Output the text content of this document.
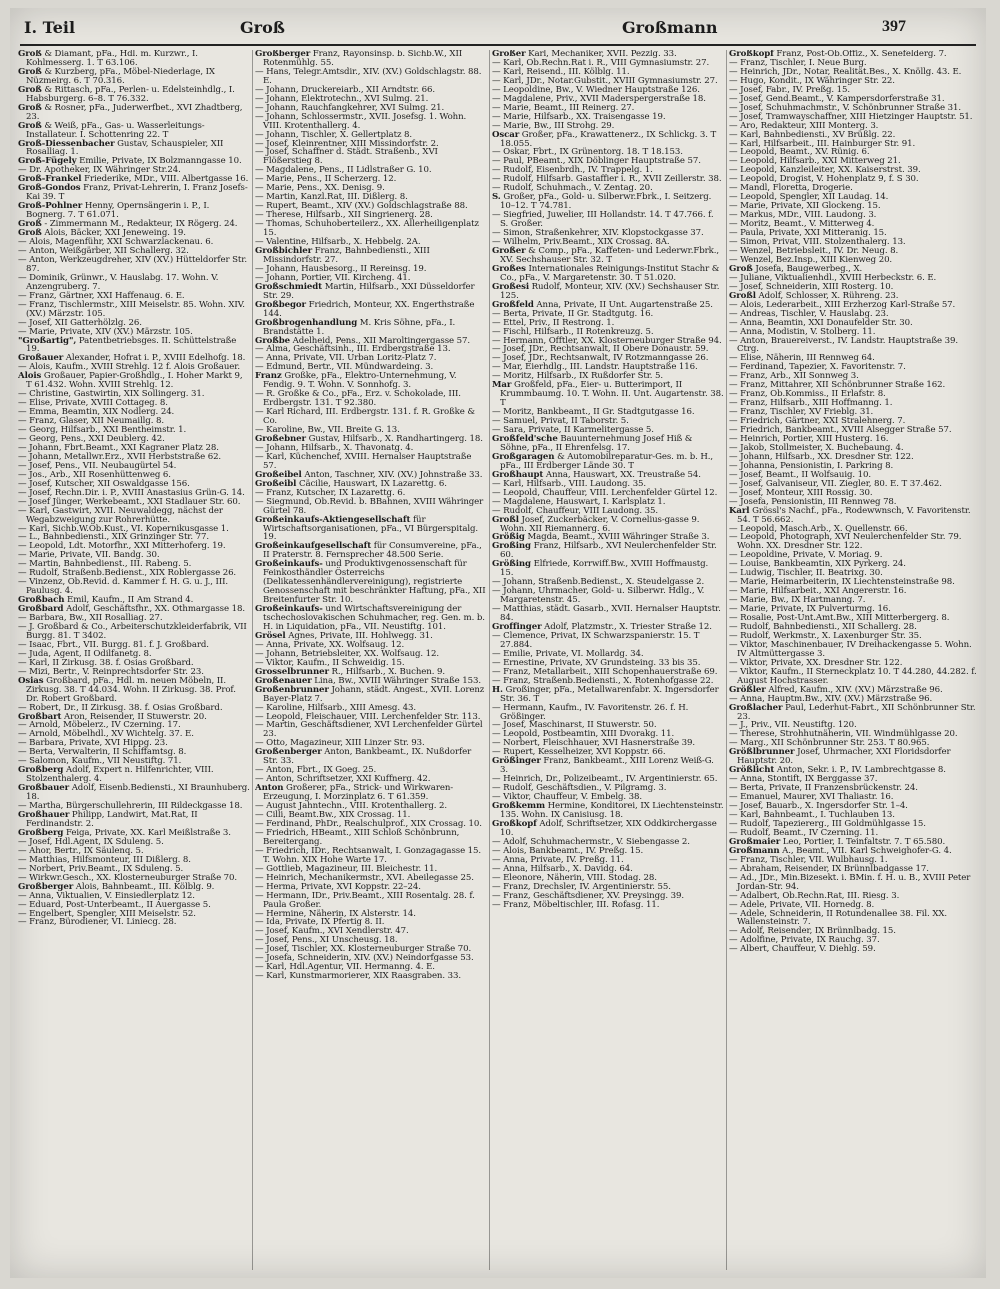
I. Teil	Groß	Großmann	397

Groß & Diamant, pFa., Hdl. m. Kurzwr., I. Kohlmesserg. 1. T 63.106.

Groß & Kurzberg, pFa., Möbel-Niederlage, IX Nüzmeirg. 6. T 70.316.

Groß & Rittasch, pFa., Perlen- u. Edelsteinhdlg., I. Habsburgerg. 6–8. T 76.332.

Groß & Rosner, pFa., Juderwerfbet., XVI Zhadtberg, 23.

Groß & Weiß, pFa., Gas- u. Wasserleitungs-Installateur. I. Schottenring 22. T

Groß-Diessenbacher Gustav, Schauspieler, XII Rosalliag. 1.

Groß-Fügely Emilie, Private, IX Bolzmanngasse 10.

— Dr. Apotheker, IX Währinger Str.24.

Groß-Frankel Friederike, MDr., VIII. Albertgasse 16.

Groß-Gondos Franz, Privat-Lehrerin, I. Franz Josefs-Kai 39. T

Groß-Pohlner Henny, Opernsängerin i. P., I. Bognerg. 7. T 61.071.

Groß - Zimmermann M., Redakteur, IX Rögerg. 24.

Groß Alois, Bäcker, XXI Jeneweing. 19.

— Alois, Magenführ, XXI Schwarzlackenau. 6.

— Anton, Weißgärber, XII Schallerg. 32.

— Anton, Werkzeugdreher, XIV (XV.) Hütteldorfer Str. 87.

— Dominik, Grünwr., V. Hauslabg. 17. Wohn. V. Anzengruberg. 7.

— Franz, Gärtner, XXI Haffenaug. 6. E.

— Franz, Tischlermstr., XIII Meiselstr. 85. Wohn. XIV. (XV.) Märzstr. 105.

— Josef, XII Gatterhölzlg. 26.

— Marie, Private, XIV (XV.) Märzstr. 105.

"Großartig", Patentbetriebsges. II. Schüttelstraße 19.

Großauer Alexander, Hofrat i. P., XVIII Edelhofg. 18.

— Alois, Kaufm., XVIII Strehlg. 12 f. Alois Großauer.

Alois Großauer, Papier-Großhdlg., I. Hoher Markt 9, T 61.432. Wohn. XVIII Strehlg. 12.

— Christine, Gastwirtin, XIX Sollingerg. 31.

— Elise, Private, XVIII Cottageg. 8.

— Emma, Beamtin, XIX Nodlerg. 24.

— Franz, Glaser, XII Neumaillg. 8.

— Georg, Hilfsarb., XXI Bentheimstr. 1.

— Georg, Pens., XXI Deublerg. 42.

— Johann, Fbrt.Beamt., XXI Kagraner Platz 28.

— Johann, Metallwr.Erz., XVII Herbststraße 62.

— Josef, Pens., VII. Neubaugürtel 54.

— Jos., Arb., XII Rosenhüttenweg 6.

— Josef, Kutscher, XII Oswaldgasse 156.

— Josef, Rechn.Dir. i. P., XVIII Anastasius Grün-G. 14.

— Josef Jünger, Werkebeamt., XXI Stadlauer Str. 60.

— Karl, Gastwirt, XVII. Neuwaldegg, nächst der Wegabzweigung zur Rohrerhütte.

— Karl, Sichb.W.Ob.Kust., VI. Kopernikusgasse 1.

— L., Bahnbediensti., XIX Grinzinger Str. 77.

— Leopold, Ldt. Motorfhr., XXI Mitterhoferg. 19.

— Marie, Private, VII. Bandg. 30.

— Martin, Bahnbedienst., III. Rabeng. 5.

— Rudolf, Straßenb.Bedienst., XIX Roblergasse 26.

— Vinzenz, Ob.Revid. d. Kammer f. H. G. u. J., III. Paulusg. 4.

Großbach Emil, Kaufm., II Am Strand 4.

Großbard Adolf, Geschäftsfhr., XX. Othmargasse 18.

— Barbara, Bw., XII Rosalliag. 27.

— J. Großbard & Co., Arbeiterschutzkleiderfabrik, VII Burgg. 81. T 3402.

— Isaac, Fbrt., VII. Burgg. 81. f. J. Großbard.

— Juda, Agent, II Odilfanetg. 8.

— Karl, II Zirkusg. 38. f. Osias Großbard.

— Mizi, Bertr., V. Reinprechtsdorfer Str. 23.

Osias Großbard, pFa., Hdl. m. neuen Möbeln, II. Zirkusg. 38. T 44.034. Wohn. II Zirkusg. 38. Prof. Dr. Robert Großbard.

— Robert, Dr., II Zirkusg. 38. f. Osias Großbard.

Großbart Aron, Reisender, II Stuwerstr. 20.

— Arnold, Möbelerz., IV Czerning. 17.

— Arnold, Möbelhdl., XV Wichtelg. 37. E.

— Barbara, Private, XVI Hippg. 23.

— Berta, Verwalterin, II Schiffamtsg. 8.

— Salomon, Kaufm., VII Neustiftg. 71.

Großberg Adolf, Expert n. Hilfenrichter, VIII. Stolzenthalerg. 4.

Großbauer Adolf, Eisenb.Bediensti., XI Braunhuberg. 18.

— Martha, Bürgerschullehrerin, III Rildeckgasse 18.

Großhauer Philipp, Landwirt, Mat.Rat, II Ferdinandstr. 2.

Großberg Feiga, Private, XX. Karl Meißlstraße 3.

— Josef, Hdl.Agent, IX Sduleng. 5.

— Ahor, Bertr., IX Säulenq. 5.

— Matthias, Hilfsmonteur, III Dißlerg. 8.

— Norbert, Priv.Beamt., IX Sduleng. 5.

— Wirkwr.Gesch., XX. Klosterneuburger Straße 70.

Großberger Alois, Bahnbeamt., III. Kölblg. 9.

— Anna, Viktualien, V. Einsiedlerplatz 12.

— Eduard, Post-Unterbeamt., II Auergasse 5.

— Engelbert, Spengler, XIII Meiselstr. 52.

— Franz, Bürodiener, VI. Liniecg. 28.

Großberger Franz, Rayonsinsp. b. Sichb.W., XII Rotenmühlg. 55.

— Hans, Telegr.Amtsdir., XIV. (XV.) Goldschlagstr. 88. E.

— Johann, Druckereiarb., XII Arndtstr. 66.

— Johann, Elektrotechn., XVI Sulmg. 21.

— Johann, Rauchfangkehrer, XVI Sulmg. 21.

— Johann, Schlossermstr., XVII. Josefsg. 1. Wohn. VIII. Krotenthallerg. 4.

— Johann, Tischler, X. Gellertplatz 8.

— Josef, Kleinrentner, XIII Missindorfstr. 2.

— Josef, Schaffner d. Städt. Straßenb., XVI Flößerstieg 8.

— Magdalene, Pens., II Lidlstraßer G. 10.

— Marie, Pens., II Scherzerg. 12.

— Marie, Pens., XX. Denisg. 9.

— Martin, Kanzl.Rat, III. Dißlerg. 8.

— Rupert, Beamt., XIV (XV.) Goldschlagstraße 88.

— Therese, Hilfsarb., XII Singrienerg. 28.

— Thomas, Schuhoberteilerz., XX. Allerheiligenplatz 15.

— Valentine, Hilfsarb., X. Hebbelg. 2A.

Großbichler Franz, Bahnbediensti., XIII Missindorfstr. 27.

— Johann, Hausbesorg., II Rereinsg. 19.

— Johann, Portier, VII. Kircheng. 41.

Großschmiedt Martin, Hilfsarb., XXI Düsseldorfer Str. 29.

Großbegor Friedrich, Monteur, XX. Engerthstraße 144.

Großbrogenhandlung M. Kris Söhne, pFa., I. Brandstätte 1.

Großbe Adelheid, Pens., XII Maroltingergasse 57.

— Alma, Geschäftsinh., III. Erdbergstraße 13.

— Anna, Private, VII. Urban Loritz-Platz 7.

— Edmund, Bertr., VII. Mündwardeing. 3.

Franz Großke, pFa., Elektro-Unternehmung, V. Fendig. 9. T. Wohn. V. Sonnhofg. 3.

— R. Großke & Co., pFa., Erz. v. Schokolade, III. Erdbergstr. 131. T 92.380.

— Karl Richard, III. Erdbergstr. 131. f. R. Großke & Co.

— Karoline, Bw., VII. Breite G. 13.

Großebner Gustav, Hilfsarb., X. Randhartingerg. 18.

— Johann, Hilfsarb., X. Thavonatg. 4.

— Karl, Küchenchef, XVIII. Hernalser Hauptstraße 57.

Großeibel Anton, Taschner, XIV. (XV.) Johnstraße 33.

Großeibl Cäcilie, Hauswart, IX Lazarettg. 6.

— Franz, Kutscher, IX Lazarettg. 6.

— Siegmund, Ob.Revid. b. BBahnen, XVIII Währinger Gürtel 78.

Großeinkaufs-Aktiengesellschaft für Wirtschaftsorganisationen, pFa., VI Bürgerspitalg. 19.

Großeinkaufgesellschaft für Consumvereine, pFa., II Praterstr. 8. Fernsprecher 48.500 Serie.

Großeinkaufs- und Produktivgenossenschaft für Feinkosthändler Österreichs (Delikatessenhändlervereinigung), registrierte Genossenschaft mit beschränkter Haftung, pFa., XII Breitenfurter Str. 10.

Großeinkaufs- und Wirtschaftsvereinigung der tschechoslovakischen Schuhmacher, reg. Gen. m. b. H. in Liquidation, pFa., VII. Neustiftg. 101.

Grösel Agnes, Private, III. Hohlwegg. 31.

— Anna, Private, XX. Wolfsaug. 12.

— Johann, Betriebsleiter, XX. Wolfsaug. 12.

— Viktor, Kaufm., II Schweidig. 15.

Grosselbrunner R., Hilfsarb., X. Buchen. 9.

Großenauer Lina, Bw., XVIII Währinger Straße 153.

Großenbrunner Johann, städt. Angest., XVII. Lorenz Bayer-Platz 7.

— Karoline, Hilfsarb., XIII Amesg. 43.

— Leopold, Fleischauer, VIII. Lerchenfelder Str. 113.

— Martin, Geschäftsdiener, XVI Lerchenfelder Gürtel 23.

— Otto, Magazineur, XIII Linzer Str. 93.

Großenberger Anton, Bankbeamt., IX. Nußdorfer Str. 33.

— Anton, Fbrt., IX Goeg. 25.

— Anton, Schriftsetzer, XXI Kuffnerg. 42.

Anton Großerer, pFa., Strick- und Wirkwaren-Erzeugung, I. Morzinplatz 6. T 61.359.

— August Jahntechn., VIII. Krotenthallerg. 2.

— Cilli, Beamt.Bw., XIX Crossag. 11.

— Ferdinand, PhDr., Realschulprof., XIX Crossag. 10.

— Friedrich, HBeamt., XIII Schloß Schönbrunn, Bereitergang.

— Friedrich, IDr., Rechtsanwalt, I. Gonzagagasse 15. T. Wohn. XIX Hohe Warte 17.

— Gottlieb, Magazineur, III. Bleichestr. 11.

— Heinrich, Mechanikermstr., XVI. Abeilegasse 25.

— Herma, Private, XVI Koppstr. 22–24.

— Hermann, IDr., Priv.Beamt., XIII Rosentalg. 28. f. Paula Großer.

— Hermine, Näherin, IX Alsterstr. 14.

— Ida, Private, IX Pfertig 8. II.

— Josef, Kaufm., XVI Xendlerstr. 47.

— Josef, Pens., XI Unscheusg. 18.

— Josef, Tischler, XX. Klosterneuburger Straße 70.

— Josefa, Schneiderin, XIV. (XV.) Neindorfgasse 53.

— Karl, Hdl.Agentur, VII. Hermanng. 4. E.

— Karl, Kunstmarmorierer, XIX Raasgraben. 33.

Großer Karl, Mechaniker, XVII. Pezzlg. 33.

— Karl, Ob.Rechn.Rat i. R., VIII Gymnasiumstr. 27.

— Karl, Reisend., III. Kölblg. 11.

— Karl, JDr., Notar.Gubstit., XVIII Gymnasiumstr. 27.

— Leopoldine, Bw., V. Wiedner Hauptstraße 126.

— Magdalene, Priv., XVII Maderspergerstraße 18.

— Marie, Beamt., III Reinerg. 27.

— Marie, Hilfsarb., XX. Traisengasse 19.

— Marie, Bw., III Strohg. 29.

Oscar Großer, pFa., Krawattenerz., IX Schlickg. 3. T 18.055.

— Oskar, Fbrt., IX Grünentorg. 18. T 18.153.

— Paul, PBeamt., XIX Döblinger Hauptstraße 57.

— Rudolf, Eisenbrdh., IV. Trappelg. 1.

— Rudolf, Hilfsarb. Gastaffier i. R., XVII Zeillerstr. 38.

— Rudolf, Schuhmach., V. Zentag. 20.

S. Großer, pFa., Gold- u. Silberwr.Fbrk., I. Seitzerg. 10–12. T 74.781.

— Siegfried, Juwelier, III Hollandstr. 14. T 47.766. f. S. Großer.

— Simon, Straßenkehrer, XIV. Klopstockgasse 37.

— Wilhelm, Priv.Beamt., XIX Crossag. 8A.

Großer & Comp., pFa., Kaffeten- und Lederwr.Fbrk., XV. Sechshauser Str. 32. T

Großes Internationales Reinigungs-Institut Stachr & Co., pFa., V. Margaretenstr. 30. T 51.020.

Großesi Rudolf, Monteur, XIV. (XV.) Sechshauser Str. 125.

Großfeld Anna, Private, II Unt. Augartenstraße 25.

— Berta, Private, II Gr. Stadtgutg. 16.

— Ettel, Priv., II Restrong. 1.

— Fischl, Hilfsarb., II Rotenkreuzg. 5.

— Hermann, Offtler, XX. Klosterneuburger Straße 94.

— Josef, JDr., Rechtsanwalt, II Obere Donaustr. 59.

— Josef, JDr., Rechtsanwalt, IV Rotzmanngasse 26.

— Mar, Eierhdlg., III. Landstr. Hauptstraße 116.

— Moritz, Hilfsarb., IX Rußdorfer Str. 5.

Mar Großfeld, pFa., Eier- u. Butterimport, II Krummbaumg. 10. T. Wohn. II. Unt. Augartenstr. 38. T

— Moritz, Bankbeamt., II Gr. Stadtgutgasse 16.

— Samuel, Privat, II Taborstr. 5.

— Sara, Private, II Karmelitergasse 5.

Großfeld'sche Bauunternehmung Josef Hiß & Söhne, pFa., II Ehrenfelsg. 17.

Großgaragen & Automobilreparatur-Ges. m. b. H., pFa., III Erdberger Lände 30. T

Großhaupt Anna, Hauswart, XX. Treustraße 54.

— Karl, Hilfsarb., VIII. Laudong. 35.

— Leopold, Chauffeur, VIII. Lerchenfelder Gürtel 12.

— Magdalene, Hauswart, I. Karlsplatz 1.

— Rudolf, Chauffeur, VIII Laudong. 35.

Großl Josef, Zuckerbäcker, V. Cornelius-gasse 9. Wohn. XII Riemannerg. 6.

Größig Magda, Beamt., XVIII Währinger Straße 3.

Großing Franz, Hilfsarb., XVI Neulerchenfelder Str. 60.

Größing Elfriede, Korrwiff.Bw., XVIII Hoffmaustg. 15.

— Johann, Straßenb.Bedienst., X. Steudelgasse 2.

— Johann, Uhrmacher, Gold- u. Silberwr. Hdlg., V. Margaretenstr. 45.

— Matthias, städt. Gasarb., XVII. Hernalser Hauptstr. 84.

Groffinger Adolf, Platzmstr., X. Triester Straße 12.

— Clemence, Privat, IX Schwarzspanierstr. 15. T 27.884.

— Emilie, Private, VI. Mollardg. 34.

— Ernestine, Private, XV Grundsteing. 33 bis 35.

— Franz, Metallarbeit., XIII Schopenhauerstraße 69.

— Franz, Straßenb.Bediensti., X. Rotenhofgasse 22.

H. Großinger, pFa., Metallwarenfabr. X. Ingersdorfer Str. 36. T

— Hermann, Kaufm., IV. Favoritenstr. 26. f. H. Größinger.

— Josef, Maschinarst, II Stuwerstr. 50.

— Leopold, Postbeamtin, XIII Dvorakg. 11.

— Norbert, Fleischhauer, XVI Hasnerstraße 39.

— Rupert, Kesselheizer, XVI Koppstr. 66.

Größinger Franz, Bankbeamt., XIII Lorenz Weiß-G. 3.

— Heinrich, Dr., Polizeibeamt., IV. Argentinierstr. 65.

— Rudolf, Geschäftsdien., V. Pilgramg. 3.

— Viktor, Chauffeur, V. Embelg. 38.

Großkemm Hermine, Konditorei, IX Liechtensteinstr. 135. Wohn. IX Canisiusg. 18.

Großkopf Adolf, Schriftsetzer, XIX Oddkirchergasse 10.

— Adolf, Schuhmachermstr., V. Siebengasse 2.

— Alois, Bankbeamt., IV. Preßg. 15.

— Anna, Private, IV. Preßg. 11.

— Anna, Hilfsarb., X. Davidg. 64.

— Eleonore, Näherin, VIII. Stodag. 28.

— Franz, Drechsler, IV. Argentinierstr. 55.

— Franz, Geschäftsdiener, XV. Preysingg. 39.

— Franz, Möbeltischler, III. Rofasg. 11.

Großkopf Franz, Post-Ob.Offiz., X. Senefelderg. 7.

— Franz, Tischler, I. Neue Burg.

— Heinrich, JDr., Notar, Realität.Bes., X. Knöllg. 43. E.

— Hugo, Kondit., IX Währinger Str. 22.

— Josef, Fabr., IV. Preßg. 15.

— Josef, Gend.Beamt., V. Kampersdorferstraße 31.

— Josef, Schuhmachmstr., V. Schönbrunner Straße 31.

— Josef, Tramwayschaffner, XIII Hietzinger Hauptstr. 51.

— Aro, Redakteur, XIII Monterg. 3.

— Karl, Bahnbediensti., XV Brüßlg. 22.

— Karl, Hilfsarbeit., III. Hainburger Str. 91.

— Leopold, Beamt., XV. Rünig. 6.

— Leopold, Hilfsarb., XXI Mitterweg 21.

— Leopold, Kanzleileiter, XX. Kaiserstrst. 39.

— Leopold, Drogist, V. Hohenplatz 9, f. S 30.

— Mandl, Floretta, Drogerie.

— Leopold, Spengler, XII Laudag. 14.

— Marie, Private, XII Glockeng. 15.

— Markus, MDr., VIII. Laudong. 3.

— Moritz, Beamt., V. Mitterweg 4.

— Paula, Private, XXI Mitteranig. 15.

— Simon, Privat, VIII. Stolzenthalerg. 13.

— Wenzel, Betriebsleit., IV. Dr. Neug. 8.

— Wenzel, Bez.Insp., XIII Kienweg 20.

Groß Josefa, Baugewerbeg., X.

— Juliane, Viktualienhdl., XVIII Herbeckstr. 6. E.

— Josef, Schneiderin, XIII Rosterg. 10.

Großl Adolf, Schlosser, X. Rühreng. 23.

— Alois, Lederarbeit., XIII Erzherzog Karl-Straße 57.

— Andreas, Tischler, V. Hauslabg. 23.

— Anna, Beamtin, XXI Donaufelder Str. 30.

— Anna, Modistin, V. Stolberg. 11.

— Anton, Brauereiverst., IV. Landstr. Hauptstraße 39. Ctrg.

— Elise, Näherin, III Rennweg 64.

— Ferdinand, Tapezier, X. Favoritenstr. 7.

— Franz, Arb., XII Sonnweg 3.

— Franz, Mittahrer, XII Schönbrunner Straße 162.

— Franz, Ob.Kommiss., II Erlafstr. 8.

— Franz, Hilfsarb., XIII Hoffmanng. 1.

— Franz, Tischler, XV Frieblg. 31.

— Friedrich, Gärtner, XXI Stralehnerg. 7.

— Friedrich, Bankbeamt., XVIII Alsegger Straße 57.

— Heinrich, Portier, XIII Husterg. 16.

— Jakob, Stollmeister, X. Buchebaung. 4.

— Johann, Hilfsarb., XX. Dresdner Str. 122.

— Johanna, Pensionistin, I. Parkring 8.

— Josef, Beamt., II Wolfsauig. 10.

— Josef, Galvaniseur, VII. Ziegler, 80. E. T 37.462.

— Josef, Monteur, XIII Rossig. 30.

— Josefa, Pensionistin, III Rennweg 78.

Karl Grössl's Nachf., pFa., Rodewwnsch, V. Favoritenstr. 54. T 56.662.

— Leopold, Masch.Arb., X. Quellenstr. 66.

— Leopold, Photograph, XVI Neulerchenfelder Str. 79. Wohn. XX. Dresdner Str. 122.

— Leopoldine, Private, V. Moriag. 9.

— Louise, Bankbeamtin, XIX Pyrkerg. 24.

— Ludwig, Tischler, II. Beatrixg. 30.

— Marie, Heimarbeiterin, IX Liechtensteinstraße 98.

— Marie, Hilfsarbeit., XXI Angererstr. 16.

— Marie, Bw., IX Hartmanng. 7.

— Marie, Private, IX Pulverturmg. 16.

— Rosalie, Post-Unt.Amt.Bw., XIII Mitterbergerg. 8.

— Rudolf, Bahnbediensti., XII Schallerg. 28.

— Rudolf, Werkmstr., X. Laxenburger Str. 35.

— Viktor, Maschinenbauer, IV Dreihackengasse 5. Wohn. IV Altmüttergasse 3.

— Viktor, Private, XX. Dresdner Str. 122.

— Viktor, Kaufm., II Sterneckplatz 10. T 44.280, 44.282. f. August Hochstrasser.

Größler Alfred, Kaufm., XIV. (XV.) Märzstraße 96.

— Anna, Hauptm.Bw., XIV. (XV.) Märzstraße 96.

Großlacher Paul, Lederhut-Fabrt., XII Schönbrunner Str. 23.

— J., Priv., VII. Neustiftg. 120.

— Therese, Strohhutnäherin, VII. Windmühlgasse 20.

— Marg., XII Schönbrunner Str. 253. T 80.965.

Größlbrunner Josef, Uhrmacher, XXI Floridsdorfer Hauptstr. 20.

Größlicht Anton, Sekr. i. P., IV. Lambrechtgasse 8.

— Anna, Stontift, IX Berggasse 37.

— Berta, Private, II Franzensbrückenstr. 24.

— Emanuel, Maurer, XVI Thaliastr. 16.

— Josef, Bauarb., X. Ingersdorfer Str. 1–4.

— Karl, Bahnbeamt., I. Tuchlauben 13.

— Rudolf, Tapeziererg., III Goldmühlgasse 15.

— Rudolf, Beamt., IV Czerning. 11.

Großmaier Leo, Portier, I. Teinfaltstr. 7. T 65.580.

Großmann A., Beamt., VII. Karl Schweighofer-G. 4.

— Franz, Tischler, VII. Wulbhausg. 1.

— Abraham, Reisender, IX Brünnlbadgasse 17.

— Ad., JDr., Min.Bizesekt. i. BMin. f. H. u. B., XVIII Peter Jordan-Str. 94.

— Adalbert, Ob.Rechn.Rat, III. Riesg. 3.

— Adele, Private, VII. Hornedg. 8.

— Adele, Schneiderin, II Rotundenallee 38. Fil. XX. Wallensteinstr. 7.

— Adolf, Reisender, IX Brünnlbadg. 15.

— Adolfine, Private, IX Rauchg. 37.

— Albert, Chauffeur, V. Diehlg. 59.
